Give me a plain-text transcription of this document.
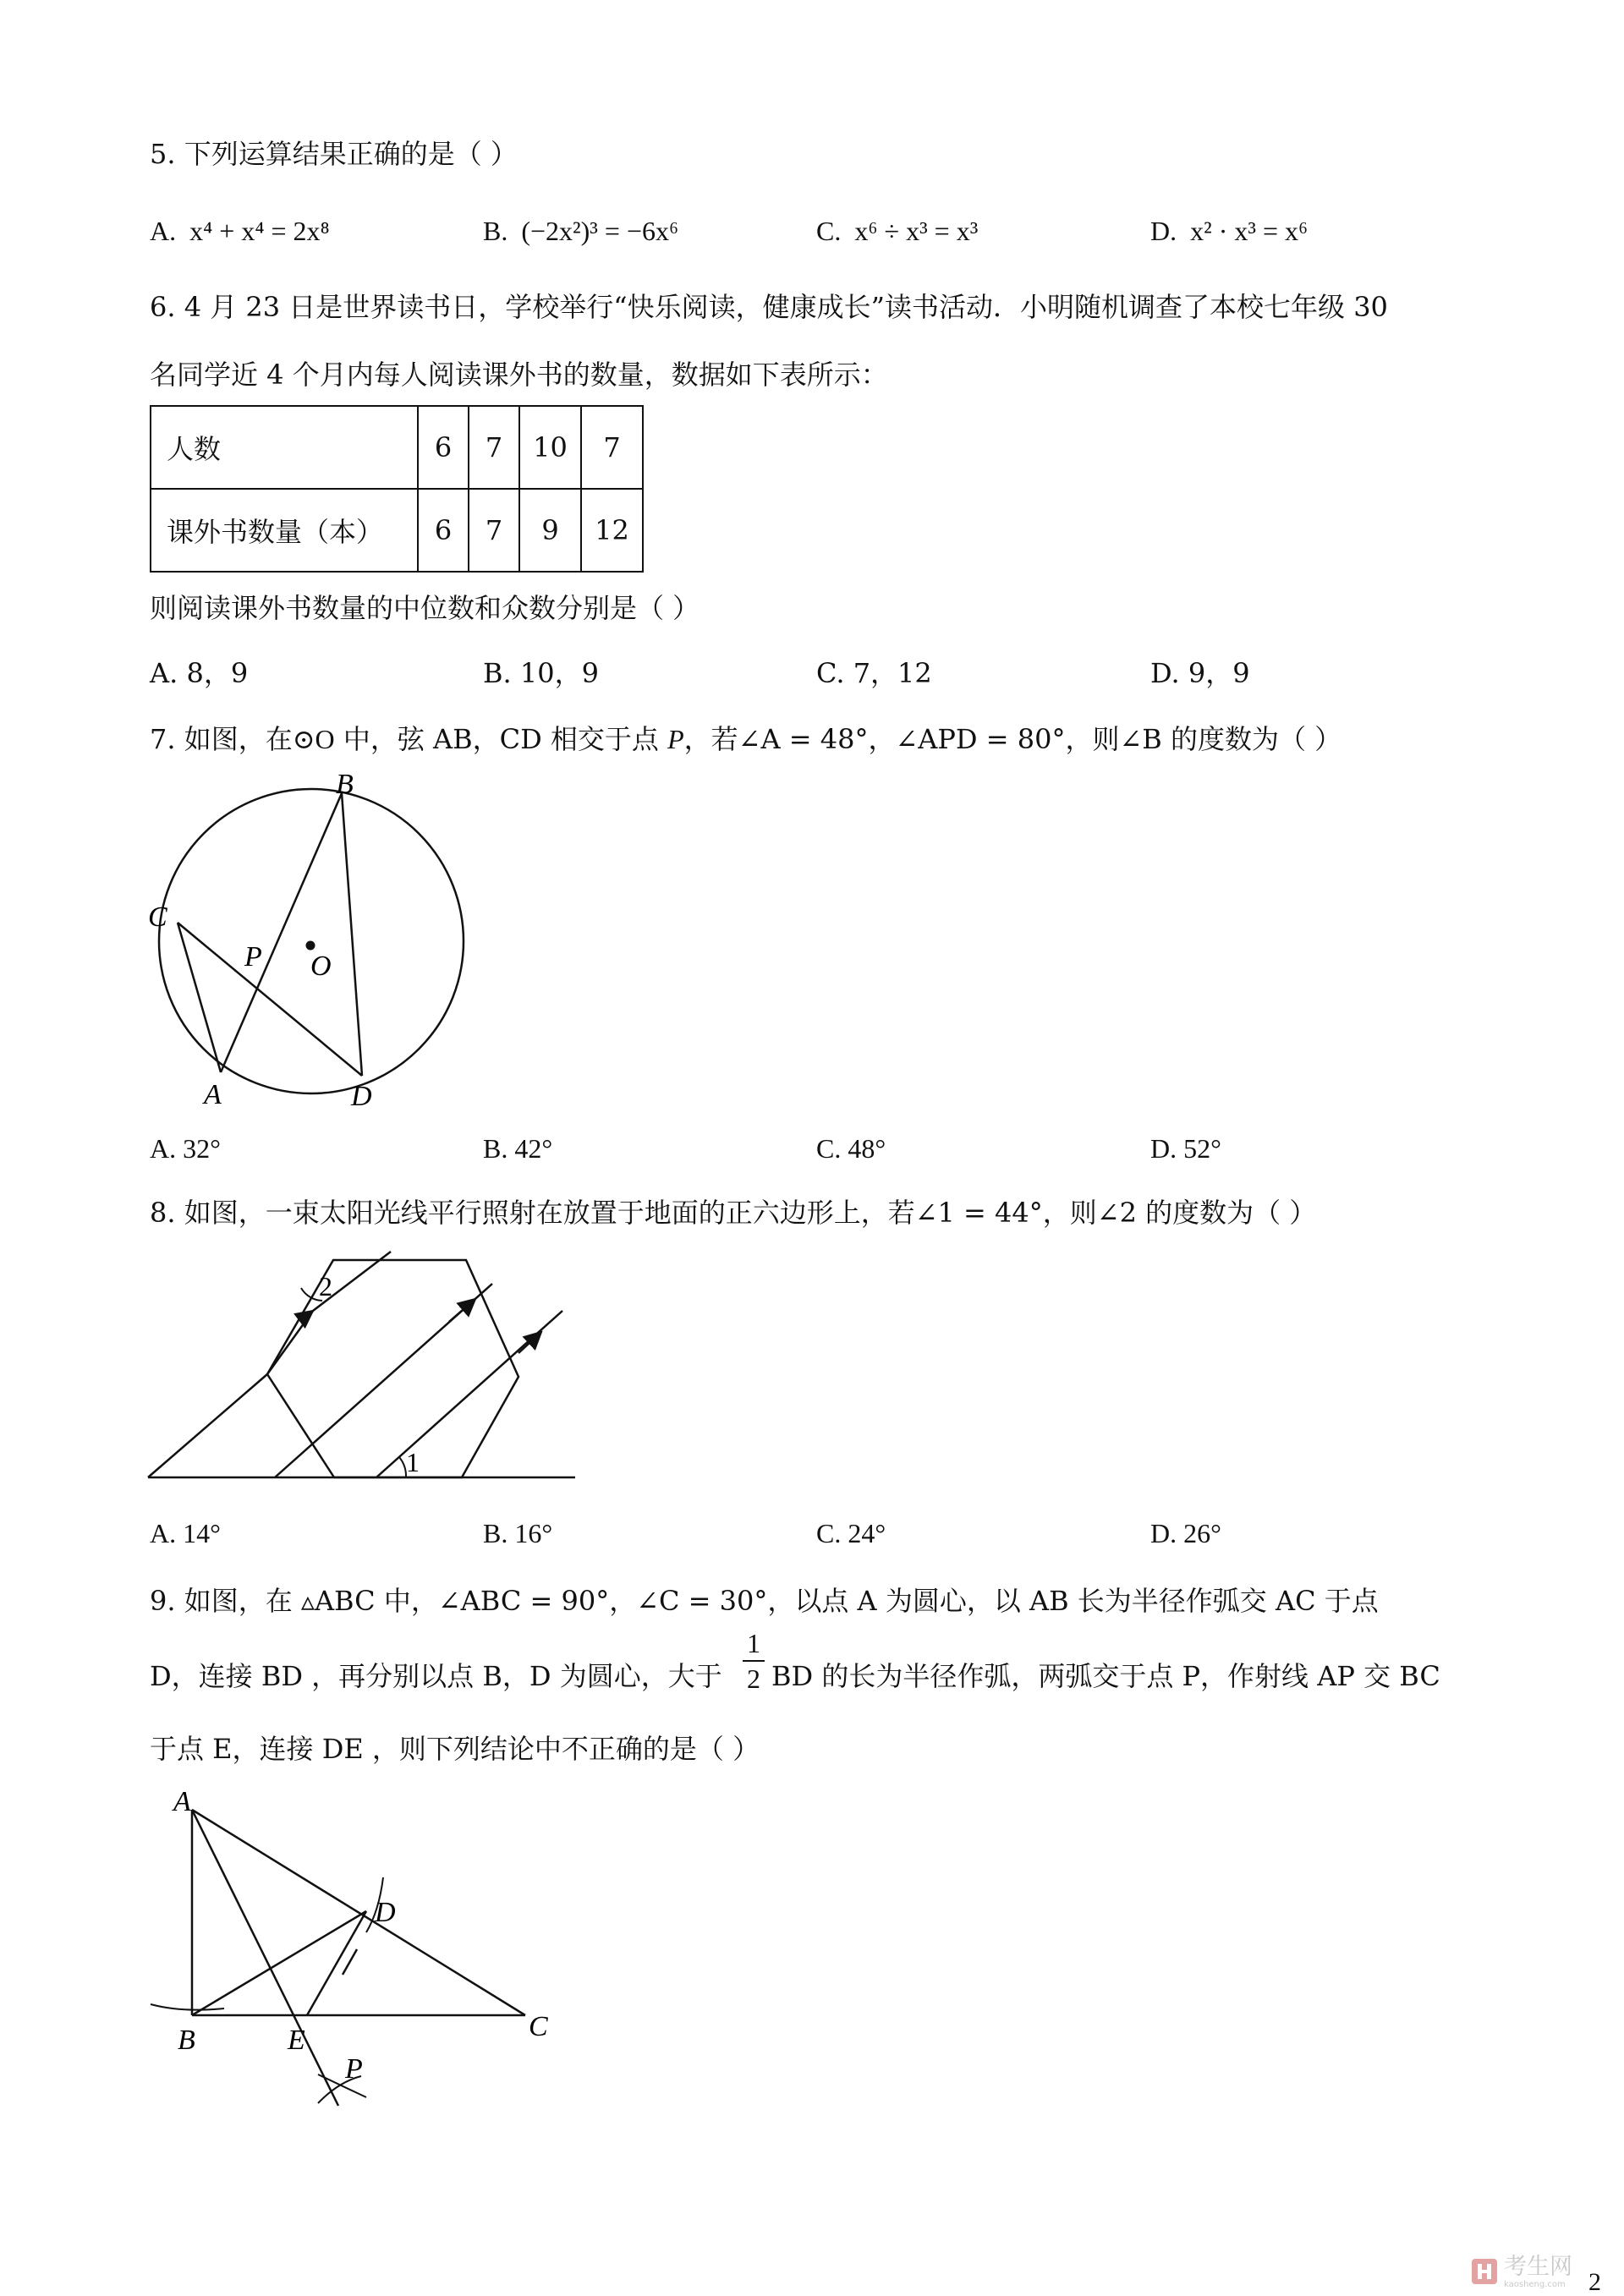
5. 下列运算结果正确的是（ ）
A. x⁴ + x⁴ = 2x⁸	B. (−2x²)³ = −6x⁶	C. x⁶ ÷ x³ = x³	D. x² · x³ = x⁶
6. 4 月 23 日是世界读书日，学校举行“快乐阅读，健康成长”读书活动．小明随机调查了本校七年级 30
名同学近 4 个月内每人阅读课外书的数量，数据如下表所示：
人数	6	7	10	7
课外书数量（本）	6	7	9	12
则阅读课外书数量的中位数和众数分别是（ ）
A. 8，9	B. 10，9	C. 7，12	D. 9，9
7. 如图，在⊙O 中，弦 AB，CD 相交于点 P，若∠A = 48°，∠APD = 80°，则∠B 的度数为（ ）
B
C
P O
A	D
A. 32°	B. 42°	C. 48°	D. 52°
8. 如图，一束太阳光线平行照射在放置于地面的正六边形上，若∠1 = 44°，则∠2 的度数为（ ）
1
2
A. 14°	B. 16°	C. 24°	D. 26°
9. 如图，在 ▵ABC 中，∠ABC = 90°，∠C = 30°，以点 A 为圆心，以 AB 长为半径作弧交 AC 于点
D，连接 BD ，再分别以点 B，D 为圆心，大于
1
2 BD 的长为半径作弧，两弧交于点 P，作射线 AP 交 BC
于点 E，连接 DE ，则下列结论中不正确的是（ ）
A
D
B	E
P
C
2
考生网
kaosheng.com
